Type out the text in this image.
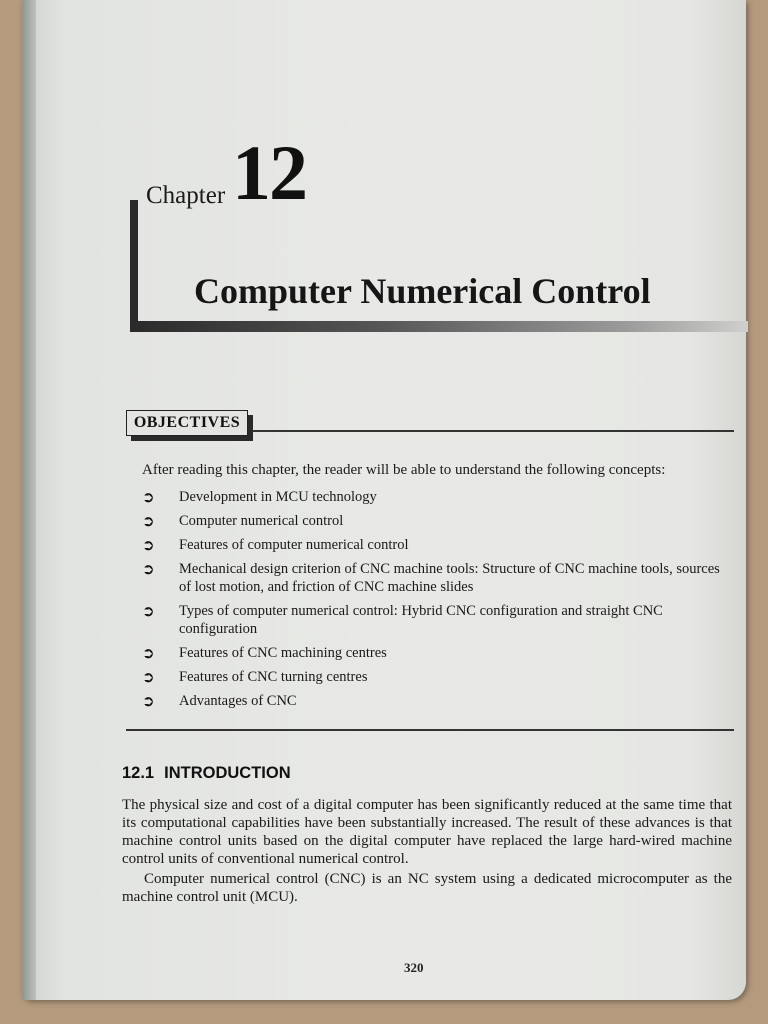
Chapter 12
Computer Numerical Control
OBJECTIVES
After reading this chapter, the reader will be able to understand the following concepts:
➲ Development in MCU technology
➲ Computer numerical control
➲ Features of computer numerical control
➲ Mechanical design criterion of CNC machine tools: Structure of CNC machine tools, sources of lost motion, and friction of CNC machine slides
➲ Types of computer numerical control: Hybrid CNC configuration and straight CNC configuration
➲ Features of CNC machining centres
➲ Features of CNC turning centres
➲ Advantages of CNC
12.1 INTRODUCTION

The physical size and cost of a digital computer has been significantly reduced at the same time that its computational capabilities have been substantially increased. The result of these advances is that machine control units based on the digital computer have replaced the large hard-wired machine control units of conventional numerical control.

Computer numerical control (CNC) is an NC system using a dedicated microcomputer as the machine control unit (MCU).

320
